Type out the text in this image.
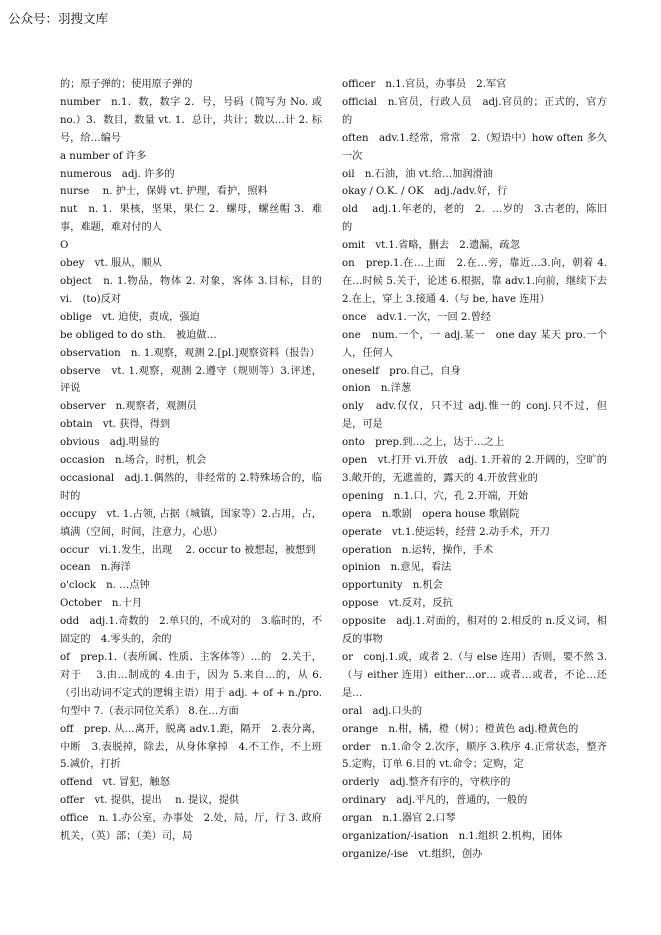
公众号：羽搜文库

的；原子弹的；使用原子弹的

number　n.1．数，数字 2．号，号码（简写为 No. 或 no.）3．数目，数量 vt. 1．总计，共计；数以…计 2. 标号，给…编号

a number of 许多

numerous　adj. 许多的

nurse　 n. 护士，保姆 vt. 护理，看护，照料

nut　n. 1．果核，坚果，果仁 2．螺母，螺丝帽 3．难事，难题，难对付的人

O

obey　vt. 服从，顺从

object　n. 1.物品，物体 2. 对象，客体 3.目标，目的 vi.　(to)反对

oblige　vt. 迫使，责成，强迫

be obliged to do sth.　被迫做…

observation　n. 1.观察，观测 2.[pl.]观察资料（报告）

observe　vt. 1.观察，观测 2.遵守（规则等）3.评述，评说

observer　n.观察者，观测员

obtain　vt. 获得，得到

obvious　adj.明显的

occasion　n.场合，时机，机会

occasional　adj.1.偶然的，非经常的 2.特殊场合的，临时的

occupy　vt. 1.占领, 占据（城镇，国家等）2.占用，占，填满（空间，时间，注意力，心思）

occur　vi.1.发生，出现　 2. occur to 被想起，被想到

ocean　n.海洋

o'clock　n. …点钟

October　n.十月

odd　adj.1.奇数的　2.单只的，不成对的　3.临时的，不固定的　4.零头的，余的

of　prep.1.（表所属、性质、主客体等）…的　2.关于，对于　 3.由…制成的 4.由于，因为 5.来自…的，从 6.（引出动词不定式的逻辑主语）用于 adj. + of + n./pro. 句型中 7.（表示同位关系） 8.在…方面

off　prep. 从…离开，脱离 adv.1.距，隔开　2.表分离，中断　3.表脱掉，除去，从身体拿掉　4.不工作，不上班　5.减价，打折

offend　vt. 冒犯，触怒

offer　vt. 提供，提出　 n. 提议，提供

office　n. 1.办公室，办事处　2.处，局，厅，行 3. 政府机关，（英）部；（美）司，局

officer　n.1.官员，办事员　2.军官

official　n.官员，行政人员　adj.官员的；正式的，官方的

often　adv.1.经常，常常　2.（短语中）how often 多久一次

oil　n.石油，油 vt.给…加润滑油

okay / O.K. / OK　adj./adv.好，行

old　 adj.1.年老的，老的　2．…岁的　3.古老的，陈旧的

omit　vt.1.省略，删去　2.遗漏，疏忽

on　prep.1.在…上面　2.在…旁，靠近…3.向，朝着 4.在…时候 5.关于，论述 6.根据，靠 adv.1.向前，继续下去 2.在上，穿上 3.接通 4.（与 be, have 连用）

once　adv.1.一次，一回 2.曾经

one　num.一个，一 adj.某一　one day 某天 pro.一个人，任何人

oneself　pro.自己，自身

onion　n.洋葱

only　adv.仅仅，只不过 adj.惟一的 conj.只不过，但是，可是

onto　prep.到…之上，达于…之上

open　vt.打开 vi.开放　adj. 1.开着的 2.开阔的，空旷的 3.敞开的，无遮盖的，露天的 4.开放营业的

opening　n.1.口，穴，孔 2.开端，开始

opera　n.歌剧　opera house 歌剧院

operate　vt.1.使运转，经营 2.动手术，开刀

operation　n.运转，操作，手术

opinion　n.意见，看法

opportunity　n.机会

oppose　vt.反对，反抗

opposite　adj.1.对面的，相对的 2.相反的 n.反义词，相反的事物

or　conj.1.或，或者 2.（与 else 连用）否则，要不然 3.（与 either 连用）either…or… 或者…或者，不论…还是…

oral　adj.口头的

orange　n.柑，橘，橙（树）；橙黄色 adj.橙黄色的

order　n.1.命令 2.次序，顺序 3.秩序 4.正常状态，整齐 5.定购，订单 6.目的 vt.命令；定购，定

orderly　adj.整齐有序的，守秩序的

ordinary　adj.平凡的，普通的，一般的

organ　n.1.器官 2.口琴

organization/-isation　n.1.组织 2.机构，团体

organize/-ise　vt.组织，创办
